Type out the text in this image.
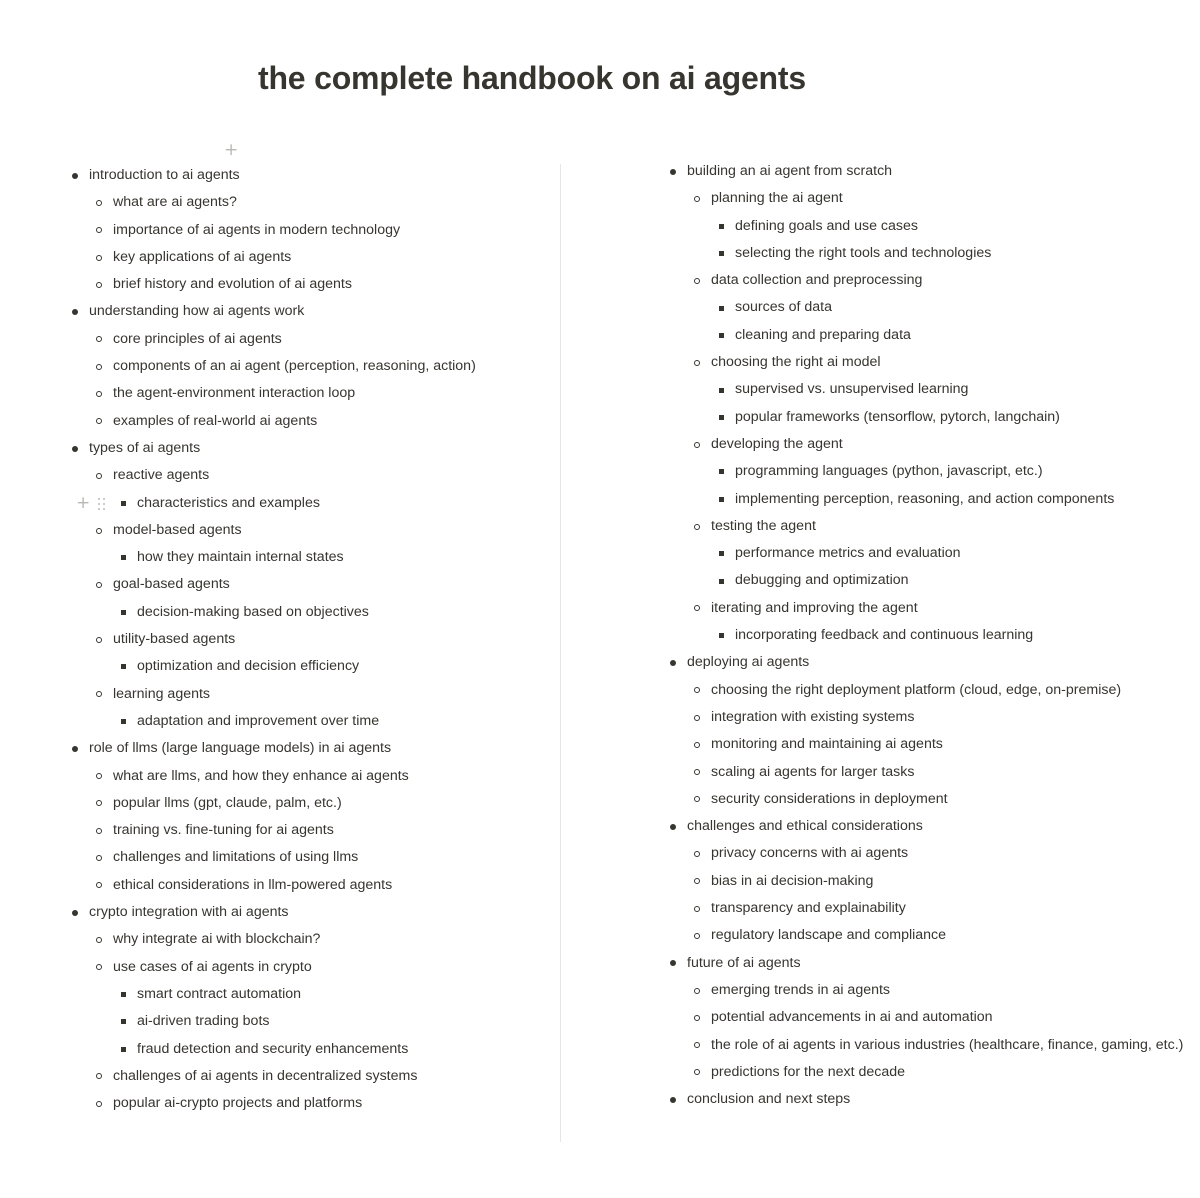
the complete handbook on ai agents
+
introduction to ai agents
what are ai agents?
importance of ai agents in modern technology
key applications of ai agents
brief history and evolution of ai agents
understanding how ai agents work
core principles of ai agents
components of an ai agent (perception, reasoning, action)
the agent-environment interaction loop
examples of real-world ai agents
types of ai agents
reactive agents
characteristics and examples
model-based agents
how they maintain internal states
goal-based agents
decision-making based on objectives
utility-based agents
optimization and decision efficiency
learning agents
adaptation and improvement over time
role of llms (large language models) in ai agents
what are llms, and how they enhance ai agents
popular llms (gpt, claude, palm, etc.)
training vs. fine-tuning for ai agents
challenges and limitations of using llms
ethical considerations in llm-powered agents
crypto integration with ai agents
why integrate ai with blockchain?
use cases of ai agents in crypto
smart contract automation
ai-driven trading bots
fraud detection and security enhancements
challenges of ai agents in decentralized systems
popular ai-crypto projects and platforms
building an ai agent from scratch
planning the ai agent
defining goals and use cases
selecting the right tools and technologies
data collection and preprocessing
sources of data
cleaning and preparing data
choosing the right ai model
supervised vs. unsupervised learning
popular frameworks (tensorflow, pytorch, langchain)
developing the agent
programming languages (python, javascript, etc.)
implementing perception, reasoning, and action components
testing the agent
performance metrics and evaluation
debugging and optimization
iterating and improving the agent
incorporating feedback and continuous learning
deploying ai agents
choosing the right deployment platform (cloud, edge, on-premise)
integration with existing systems
monitoring and maintaining ai agents
scaling ai agents for larger tasks
security considerations in deployment
challenges and ethical considerations
privacy concerns with ai agents
bias in ai decision-making
transparency and explainability
regulatory landscape and compliance
future of ai agents
emerging trends in ai agents
potential advancements in ai and automation
the role of ai agents in various industries (healthcare, finance, gaming, etc.)
predictions for the next decade
conclusion and next steps
+
